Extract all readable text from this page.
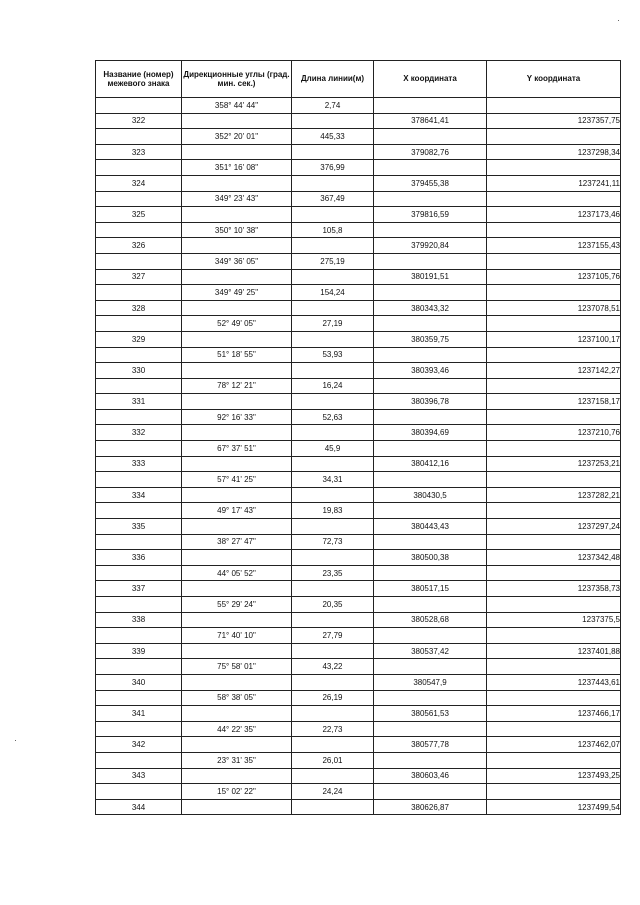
Название (номер) межевого знака	Дирекционные углы (град. мин. сек.)	Длина линии(м)	X координата	Y координата
	358° 44' 44"	2,74		
322			378641,41	1237357,75
	352° 20' 01"	445,33		
323			379082,76	1237298,34
	351° 16' 08"	376,99		
324			379455,38	1237241,11
	349° 23' 43"	367,49		
325			379816,59	1237173,46
	350° 10' 38"	105,8		
326			379920,84	1237155,43
	349° 36' 05"	275,19		
327			380191,51	1237105,76
	349° 49' 25"	154,24		
328			380343,32	1237078,51
	52° 49' 05"	27,19		
329			380359,75	1237100,17
	51° 18' 55"	53,93		
330			380393,46	1237142,27
	78° 12' 21"	16,24		
331			380396,78	1237158,17
	92° 16' 33"	52,63		
332			380394,69	1237210,76
	67° 37' 51"	45,9		
333			380412,16	1237253,21
	57° 41' 25"	34,31		
334			380430,5	1237282,21
	49° 17' 43"	19,83		
335			380443,43	1237297,24
	38° 27' 47"	72,73		
336			380500,38	1237342,48
	44° 05' 52"	23,35		
337			380517,15	1237358,73
	55° 29' 24"	20,35		
338			380528,68	1237375,5
	71° 40' 10"	27,79		
339			380537,42	1237401,88
	75° 58' 01"	43,22		
340			380547,9	1237443,61
	58° 38' 05"	26,19		
341			380561,53	1237466,17
	44° 22' 35"	22,73		
342			380577,78	1237462,07
	23° 31' 35"	26,01		
343			380603,46	1237493,25
	15° 02' 22"	24,24		
344			380626,87	1237499,54
